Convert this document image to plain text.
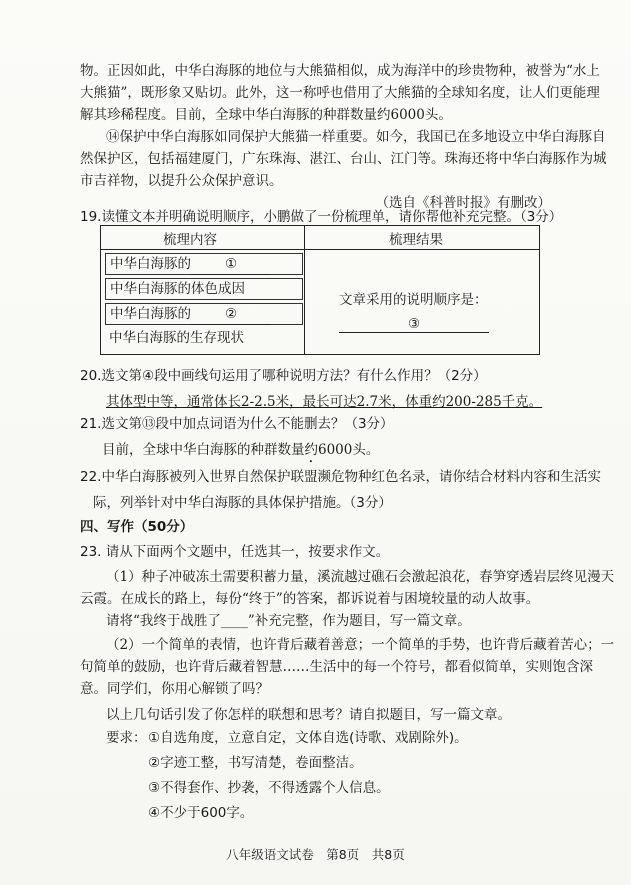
物。正因如此，中华白海豚的地位与大熊猫相似，成为海洋中的珍贵物种，被誉为“水上
大熊猫”，既形象又贴切。此外，这一称呼也借用了大熊猫的全球知名度，让人们更能理
解其珍稀程度。目前，全球中华白海豚的种群数量约6000头。
⑭保护中华白海豚如同保护大熊猫一样重要。如今，我国已在多地设立中华白海豚自
然保护区，包括福建厦门，广东珠海、湛江、台山、江门等。珠海还将中华白海豚作为城
市吉祥物，以提升公众保护意识。
（选自《科普时报》有删改）
19.读懂文本并明确说明顺序，小鹏做了一份梳理单，请你帮他补充完整。（3分）
梳理内容	梳理结果
中华白海豚的	①
中华白海豚的体色成因
中华白海豚的	②
中华白海豚的生存现状
文章采用的说明顺序是：
③
20.选文第④段中画线句运用了哪种说明方法？有什么作用？（2分）
其体型中等，通常体长2-2.5米，最长可达2.7米，体重约200-285千克。
21.选文第⑬段中加点词语为什么不能删去？（3分）
目前，全球中华白海豚的种群数量约6000头。
22.中华白海豚被列入世界自然保护联盟濒危物种红色名录，请你结合材料内容和生活实
际，列举针对中华白海豚的具体保护措施。（3分）
四、写作（50分）
23. 请从下面两个文题中，任选其一，按要求作文。
（1）种子冲破冻土需要积蓄力量，溪流越过礁石会激起浪花，春笋穿透岩层终见漫天
云霞。在成长的路上，每份“终于”的答案，都诉说着与困境较量的动人故事。
请将“我终于战胜了____”补充完整，作为题目，写一篇文章。
（2）一个简单的表情，也许背后藏着善意；一个简单的手势，也许背后藏着苦心；一
句简单的鼓励，也许背后藏着智慧……生活中的每一个符号，都看似简单，实则饱含深
意。同学们，你用心解锁了吗？
以上几句话引发了你怎样的联想和思考？请自拟题目，写一篇文章。
要求： ①自选角度，立意自定，文体自选(诗歌、戏剧除外)。
②字迹工整，书写清楚，卷面整洁。
③不得套作、抄袭，不得透露个人信息。
④不少于600字。
八年级语文试卷　第8页　共8页
